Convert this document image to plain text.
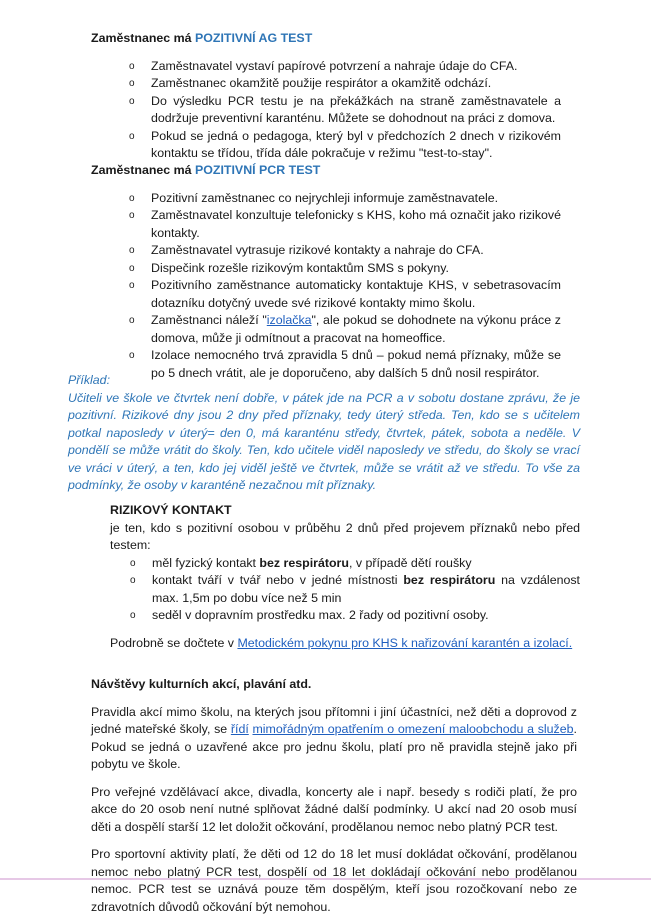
Zaměstnanec má POZITIVNÍ AG TEST
o Zaměstnavatel vystaví papírové potvrzení a nahraje údaje do CFA.
o Zaměstnanec okamžitě použije respirátor a okamžitě odchází.
o Do výsledku PCR testu je na překážkách na straně zaměstnavatele a dodržuje preventivní karanténu. Můžete se dohodnout na práci z domova.
o Pokud se jedná o pedagoga, který byl v předchozích 2 dnech v rizikovém kontaktu se třídou, třída dále pokračuje v režimu "test-to-stay".
Zaměstnanec má POZITIVNÍ PCR TEST
o Pozitivní zaměstnanec co nejrychleji informuje zaměstnavatele.
o Zaměstnavatel konzultuje telefonicky s KHS, koho má označit jako rizikové kontakty.
o Zaměstnavatel vytrasuje rizikové kontakty a nahraje do CFA.
o Dispečink rozešle rizikovým kontaktům SMS s pokyny.
o Pozitivního zaměstnance automaticky kontaktuje KHS, v sebetrasovacím dotazníku dotyčný uvede své rizikové kontakty mimo školu.
o Zaměstnanci náleží "izolačka", ale pokud se dohodnete na výkonu práce z domova, může ji odmítnout a pracovat na homeoffice.
o Izolace nemocného trvá zpravidla 5 dnů – pokud nemá příznaky, může se po 5 dnech vrátit, ale je doporučeno, aby dalších 5 dnů nosil respirátor.
Příklad:
Učiteli ve škole ve čtvrtek není dobře, v pátek jde na PCR a v sobotu dostane zprávu, že je pozitivní. Rizikové dny jsou 2 dny před příznaky, tedy úterý středa. Ten, kdo se s učitelem potkal naposledy v úterý= den 0, má karanténu středy, čtvrtek, pátek, sobota a neděle. V pondělí se může vrátit do školy. Ten, kdo učitele viděl naposledy ve středu, do školy se vrací ve vráci v úterý, a ten, kdo jej viděl ještě ve čtvrtek, může se vrátit až ve středu. To vše za podmínky, že osoby v karanténě nezačnou mít příznaky.
RIZIKOVÝ KONTAKT
je ten, kdo s pozitivní osobou v průběhu 2 dnů před projevem příznaků nebo před testem:
o měl fyzický kontakt bez respirátoru, v případě dětí roušky
o kontakt tváří v tvář nebo v jedné místnosti bez respirátoru na vzdálenost max. 1,5m po dobu více než 5 min
o seděl v dopravním prostředku max. 2 řady od pozitivní osoby.
Podrobně se dočtete v Metodickém pokynu pro KHS k nařizování karantén a izolací.
Návštěvy kulturních akcí, plavání atd.
Pravidla akcí mimo školu, na kterých jsou přítomni i jiní účastníci, než děti a doprovod z jedné mateřské školy, se řídí mimořádným opatřením o omezení maloobchodu a služeb. Pokud se jedná o uzavřené akce pro jednu školu, platí pro ně pravidla stejně jako při pobytu ve škole.
Pro veřejné vzdělávací akce, divadla, koncerty ale i např. besedy s rodiči platí, že pro akce do 20 osob není nutné splňovat žádné další podmínky. U akcí nad 20 osob musí děti a dospělí starší 12 let doložit očkování, prodělanou nemoc nebo platný PCR test.
Pro sportovní aktivity platí, že děti od 12 do 18 let musí dokládat očkování, prodělanou nemoc nebo platný PCR test, dospělí od 18 let dokládají očkování nebo prodělanou nemoc. PCR test se uznává pouze těm dospělým, kteří jsou rozočkovaní nebo ze zdravotních důvodů očkování být nemohou.
